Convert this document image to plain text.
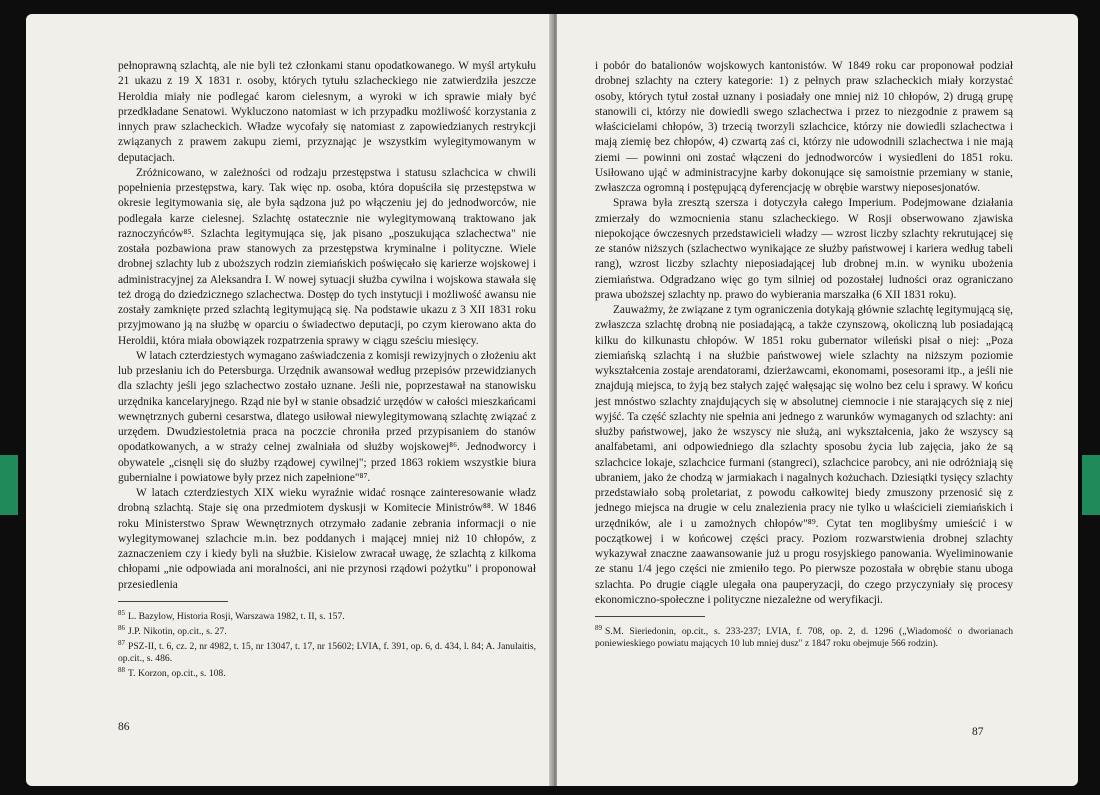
pełnoprawną szlachtą, ale nie byli też członkami stanu opodatkowanego. W myśl artykułu 21 ukazu z 19 X 1831 r. osoby, których tytułu szlacheckiego nie zatwierdziła jeszcze Heroldia miały nie podlegać karom cielesnym, a wyroki w ich sprawie miały być przedkładane Senatowi. Wykluczono natomiast w ich przypadku możliwość korzystania z innych praw szlacheckich. Władze wycofały się natomiast z zapowiedzianych restrykcji związanych z prawem zakupu ziemi, przyznając je wszystkim wylegitymowanym w deputacjach.

Zróżnicowano, w zależności od rodzaju przestępstwa i statusu szlachcica w chwili popełnienia przestępstwa, kary. Tak więc np. osoba, która dopuściła się przestępstwa w okresie legitymowania się, ale była sądzona już po włączeniu jej do jednodworców, nie podlegała karze cielesnej. Szlachtę ostatecznie nie wylegitymowaną traktowano jak raznoczyńców⁸⁵. Szlachta legitymująca się, jak pisano „poszukująca szlachectwa" nie została pozbawiona praw stanowych za przestępstwa kryminalne i polityczne. Wiele drobnej szlachty lub z uboższych rodzin ziemiańskich poświęcało się karierze wojskowej i administracyjnej za Aleksandra I. W nowej sytuacji służba cywilna i wojskowa stawała się też drogą do dziedzicznego szlachectwa. Dostęp do tych instytucji i możliwość awansu nie zostały zamknięte przed szlachtą legitymującą się. Na podstawie ukazu z 3 XII 1831 roku przyjmowano ją na służbę w oparciu o świadectwo deputacji, po czym kierowano akta do Heroldii, która miała obowiązek rozpatrzenia sprawy w ciągu sześciu miesięcy.

W latach czterdziestych wymagano zaświadczenia z komisji rewizyjnych o złożeniu akt lub przesłaniu ich do Petersburga. Urzędnik awansował według przepisów przewidzianych dla szlachty jeśli jego szlachectwo zostało uznane. Jeśli nie, poprzestawał na stanowisku urzędnika kancelaryjnego. Rząd nie był w stanie obsadzić urzędów w całości mieszkańcami wewnętrznych guberni cesarstwa, dlatego usiłował niewylegitymowaną szlachtę związać z urzędem. Dwudziestoletnia praca na poczcie chroniła przed przypisaniem do stanów opodatkowanych, a w straży celnej zwalniała od służby wojskowej⁸⁶. Jednodworcy i obywatele „cisnęli się do służby rządowej cywilnej"; przed 1863 rokiem wszystkie biura gubernialne i powiatowe były przez nich zapełnione"⁸⁷.

W latach czterdziestych XIX wieku wyraźnie widać rosnące zainteresowanie władz drobną szlachtą. Staje się ona przedmiotem dyskusji w Komitecie Ministrów⁸⁸. W 1846 roku Ministerstwo Spraw Wewnętrznych otrzymało zadanie zebrania informacji o nie wylegitymowanej szlachcie m.in. bez poddanych i mającej mniej niż 10 chłopów, z zaznaczeniem czy i kiedy byli na służbie. Kisielow zwracał uwagę, że szlachtą z kilkoma chłopami „nie odpowiada ani moralności, ani nie przynosi rządowi pożytku" i proponował przesiedlenia

$^{85}$ L. Bazylow, Historia Rosji, Warszawa 1982, t. II, s. 157.

$^{86}$ J.P. Nikotin, op.cit., s. 27.

$^{87}$ PSZ-II, t. 6, cz. 2, nr 4982, t. 15, nr 13047, t. 17, nr 15602; LVIA, f. 391, op. 6, d. 434, l. 84; A. Janulaitis, op.cit., s. 486.

$^{88}$ T. Korzon, op.cit., s. 108.

86

i pobór do batalionów wojskowych kantonistów. W 1849 roku car proponował podział drobnej szlachty na cztery kategorie: 1) z pełnych praw szlacheckich miały korzystać osoby, których tytuł został uznany i posiadały one mniej niż 10 chłopów, 2) drugą grupę stanowili ci, którzy nie dowiedli swego szlachectwa i przez to niezgodnie z prawem są właścicielami chłopów, 3) trzecią tworzyli szlachcice, którzy nie dowiedli szlachectwa i mają ziemię bez chłopów, 4) czwartą zaś ci, którzy nie udowodnili szlachectwa i nie mają ziemi — powinni oni zostać włączeni do jednodworców i wysiedleni do 1851 roku. Usiłowano ująć w administracyjne karby dokonujące się samoistnie przemiany w stanie, zwłaszcza ogromną i postępującą dyferencjację w obrębie warstwy nieposesjonatów.

Sprawa była zresztą szersza i dotyczyła całego Imperium. Podejmowane działania zmierzały do wzmocnienia stanu szlacheckiego. W Rosji obserwowano zjawiska niepokojące ówczesnych przedstawicieli władzy — wzrost liczby szlachty rekrutującej się ze stanów niższych (szlachectwo wynikające ze służby państwowej i kariera według tabeli rang), wzrost liczby szlachty nieposiadającej lub drobnej m.in. w wyniku ubożenia ziemiaństwa. Odgradzano więc go tym silniej od pozostałej ludności oraz ograniczano prawa uboższej szlachty np. prawo do wybierania marszałka (6 XII 1831 roku).

Zauważmy, że związane z tym ograniczenia dotykają głównie szlachtę legitymującą się, zwłaszcza szlachtę drobną nie posiadającą, a także czynszową, okoliczną lub posiadającą kilku do kilkunastu chłopów. W 1851 roku gubernator wileński pisał o niej: „Poza ziemiańską szlachtą i na służbie państwowej wiele szlachty na niższym poziomie wykształcenia zostaje arendatorami, dzierżawcami, ekonomami, posesorami itp., a jeśli nie znajdują miejsca, to żyją bez stałych zajęć wałęsając się wolno bez celu i sprawy. W końcu jest mnóstwo szlachty znajdujących się w absolutnej ciemnocie i nie starających się z niej wyjść. Ta część szlachty nie spełnia ani jednego z warunków wymaganych od szlachty: ani służby państwowej, jako że wszyscy nie służą, ani wykształcenia, jako że wszyscy są analfabetami, ani odpowiedniego dla szlachty sposobu życia lub zajęcia, jako że są szlachcice lokaje, szlachcice furmani (stangreci), szlachcice parobcy, ani nie odróżniają się ubraniem, jako że chodzą w jarmiakach i nagalnych kożuchach. Dziesiątki tysięcy szlachty przedstawiało sobą proletariat, z powodu całkowitej biedy zmuszony przenosić się z jednego miejsca na drugie w celu znalezienia pracy nie tylko u właścicieli ziemiańskich i urzędników, ale i u zamożnych chłopów"⁸⁹. Cytat ten moglibyśmy umieścić i w początkowej i w końcowej części pracy. Poziom rozwarstwienia drobnej szlachty wykazywał znaczne zaawansowanie już u progu rosyjskiego panowania. Wyeliminowanie ze stanu 1/4 jego części nie zmieniło tego. Po pierwsze pozostała w obrębie stanu uboga szlachta. Po drugie ciągle ulegała ona pauperyzacji, do czego przyczyniały się procesy ekonomiczno-społeczne i polityczne niezależne od weryfikacji.

$^{89}$ S.M. Sieriedonin, op.cit., s. 233-237; LVIA, f. 708, op. 2, d. 1296 („Wiadomość o dworianach poniewieskiego powiatu mających 10 lub mniej dusz" z 1847 roku obejmuje 566 rodzin).

87
